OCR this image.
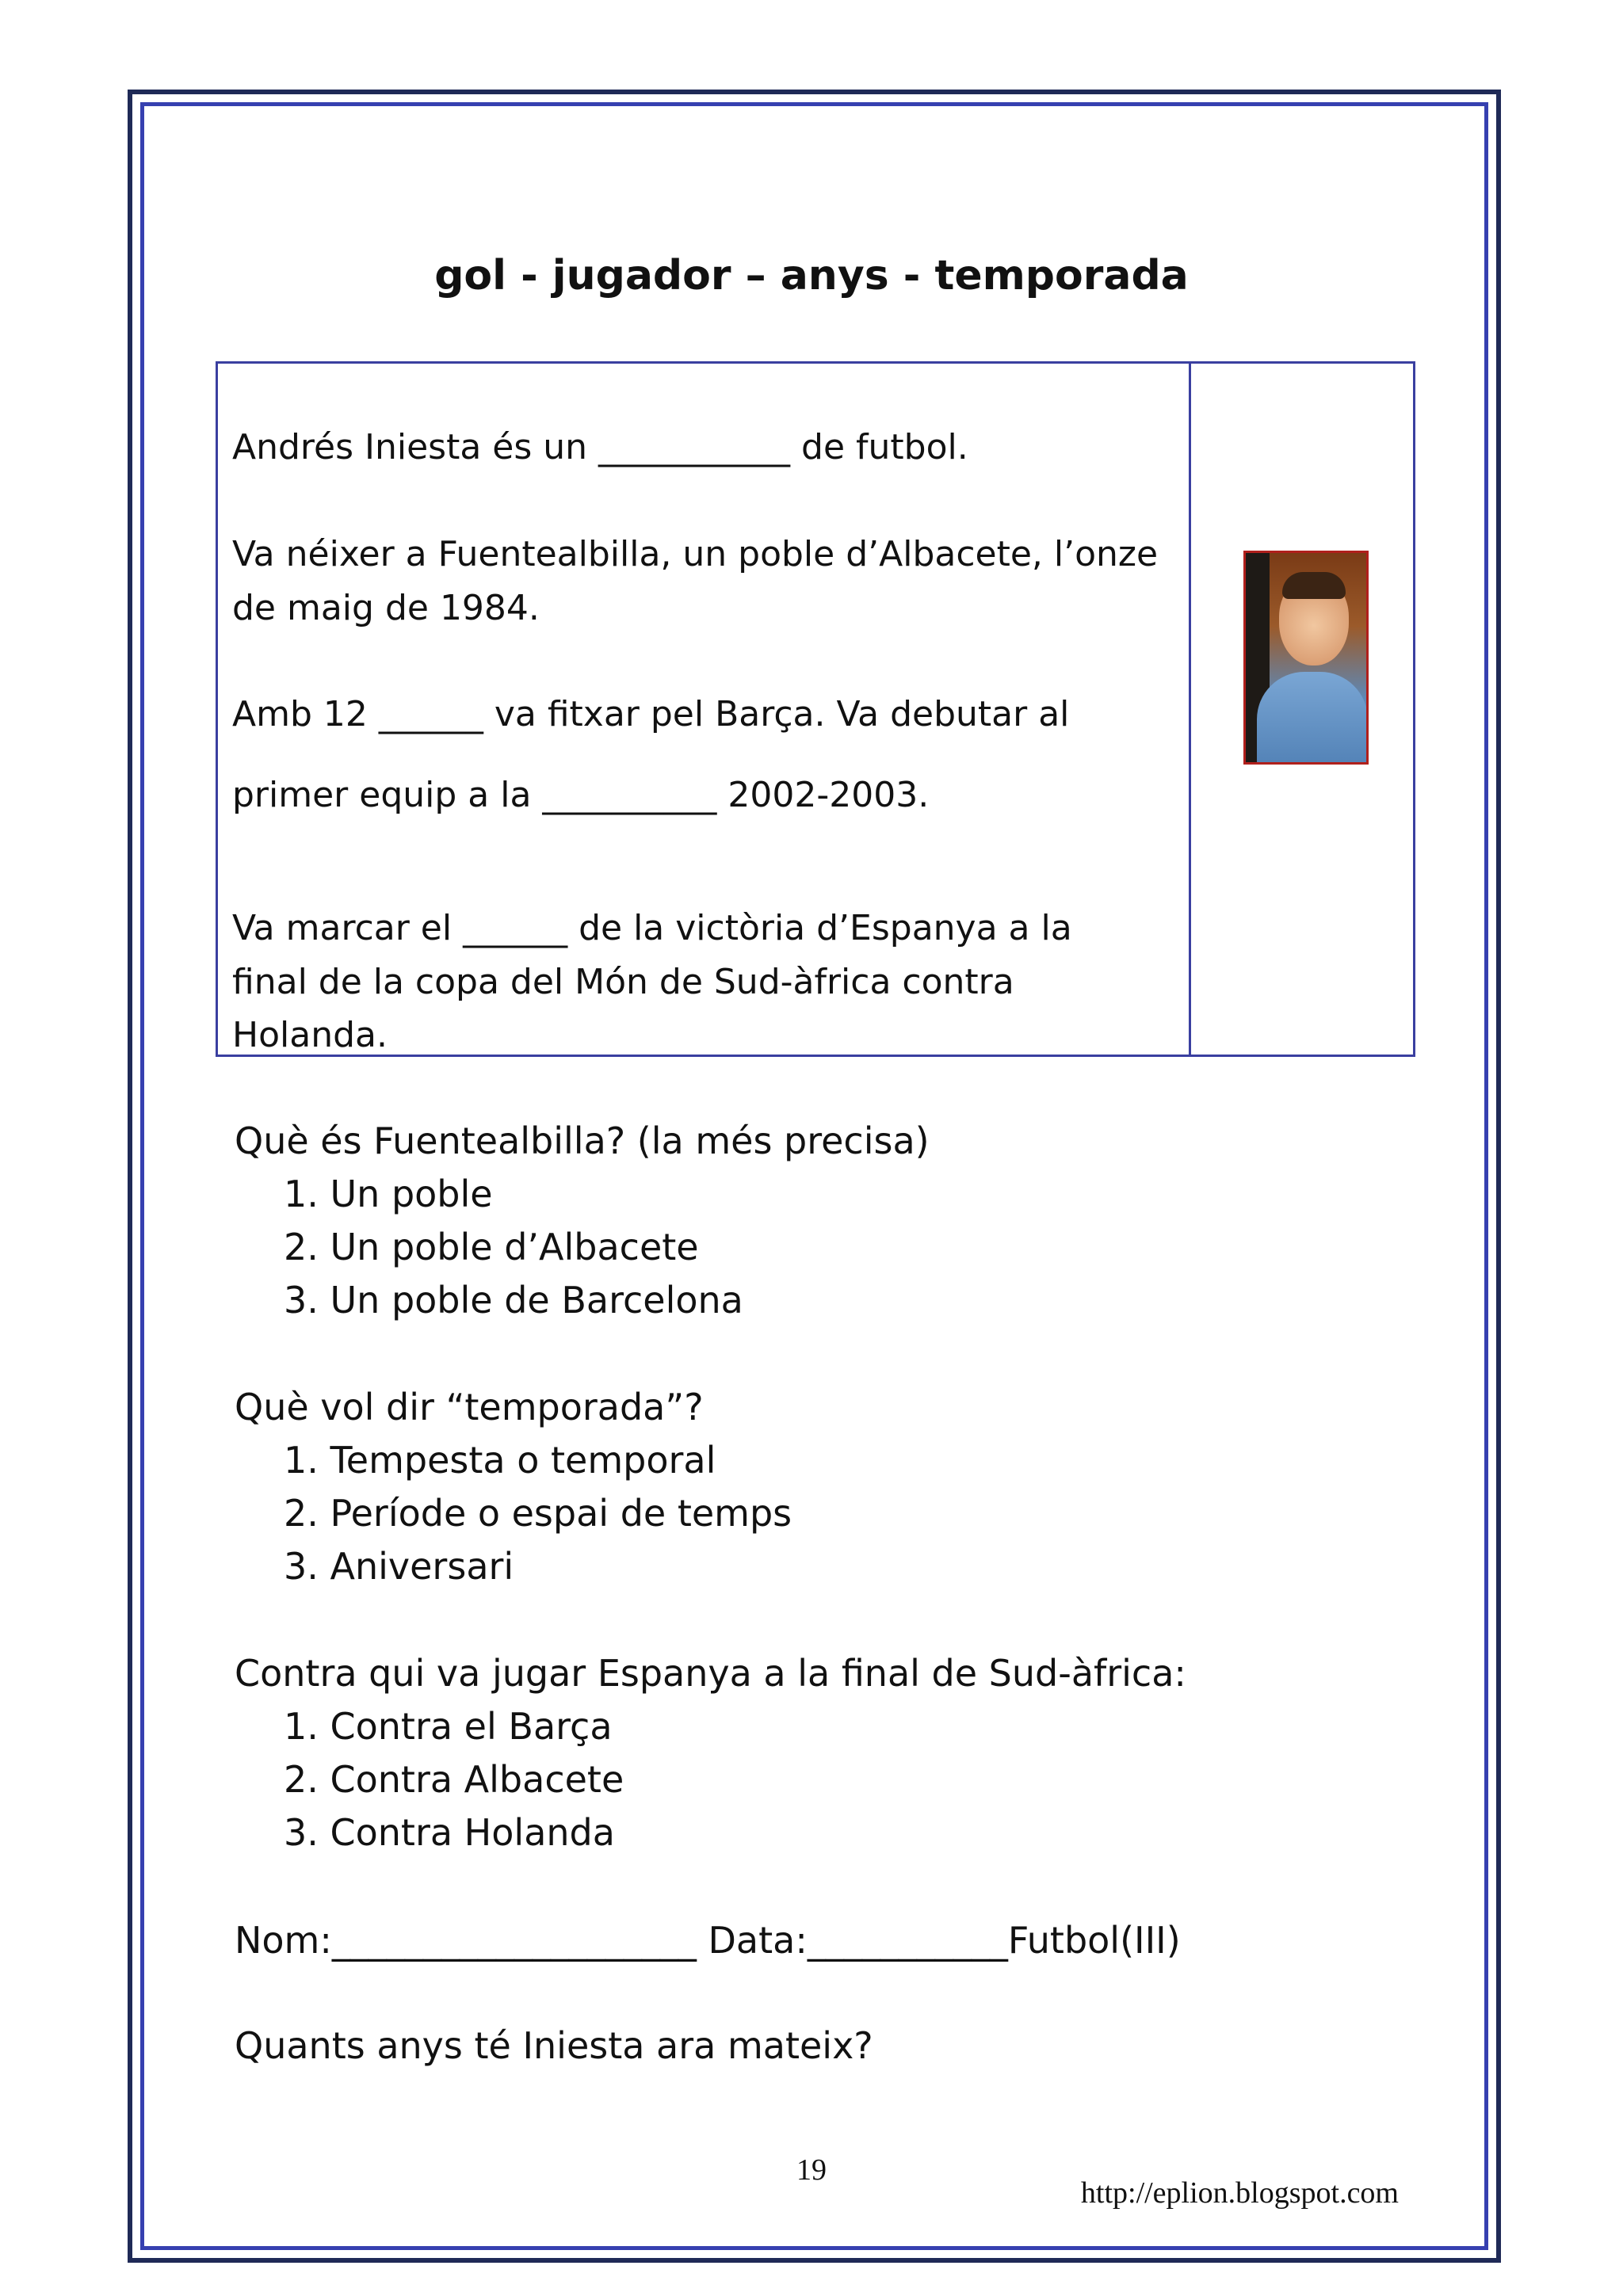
gol - jugador – anys - temporada
Andrés Iniesta és un ___________ de futbol.
Va néixer a Fuentealbilla, un poble d’Albacete, l’onze
de maig de 1984.
Amb 12 ______ va fitxar pel Barça. Va debutar al
primer equip a la __________ 2002-2003.
Va marcar el ______ de la victòria d’Espanya a la
final de la copa del Món de Sud-àfrica contra
Holanda.
Què és Fuentealbilla? (la més precisa)
1. Un poble
2. Un poble d’Albacete
3. Un poble de Barcelona
Què vol dir “temporada”?
1. Tempesta o temporal
2. Període o espai de temps
3. Aniversari
Contra qui va jugar Espanya a la final de Sud-àfrica:
1. Contra el Barça
2. Contra Albacete
3. Contra Holanda
Nom:____________________ Data:___________Futbol(III)
Quants anys té Iniesta ara mateix?
19
http://eplion.blogspot.com
